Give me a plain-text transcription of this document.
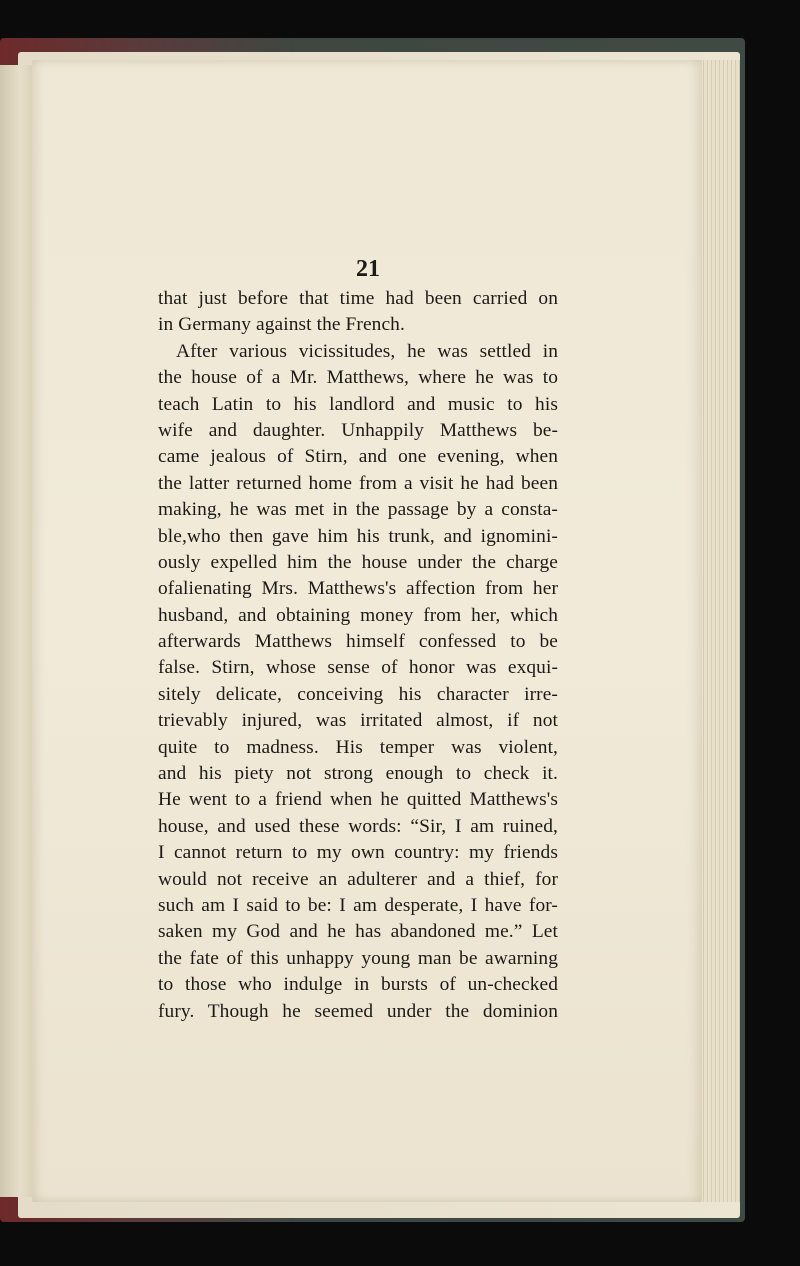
21
that just before that time had been carried on
in Germany against the French.
After various vicissitudes, he was settled in
the house of a Mr. Matthews, where he was to
teach Latin to his landlord and music to his
wife and daughter. Unhappily Matthews be-
came jealous of Stirn, and one evening, when
the latter returned home from a visit he had been
making, he was met in the passage by a consta-
ble,who then gave him his trunk, and ignomini-
ously expelled him the house under the charge
ofalienating Mrs. Matthews's affection from her
husband, and obtaining money from her, which
afterwards Matthews himself confessed to be
false. Stirn, whose sense of honor was exqui-
sitely delicate, conceiving his character irre-
trievably injured, was irritated almost, if not
quite to madness. His temper was violent,
and his piety not strong enough to check it.
He went to a friend when he quitted Matthews's
house, and used these words: “Sir, I am ruined,
I cannot return to my own country: my friends
would not receive an adulterer and a thief, for
such am I said to be: I am desperate, I have for-
saken my God and he has abandoned me.” Let
the fate of this unhappy young man be awarning
to those who indulge in bursts of un-checked
fury. Though he seemed under the dominion
